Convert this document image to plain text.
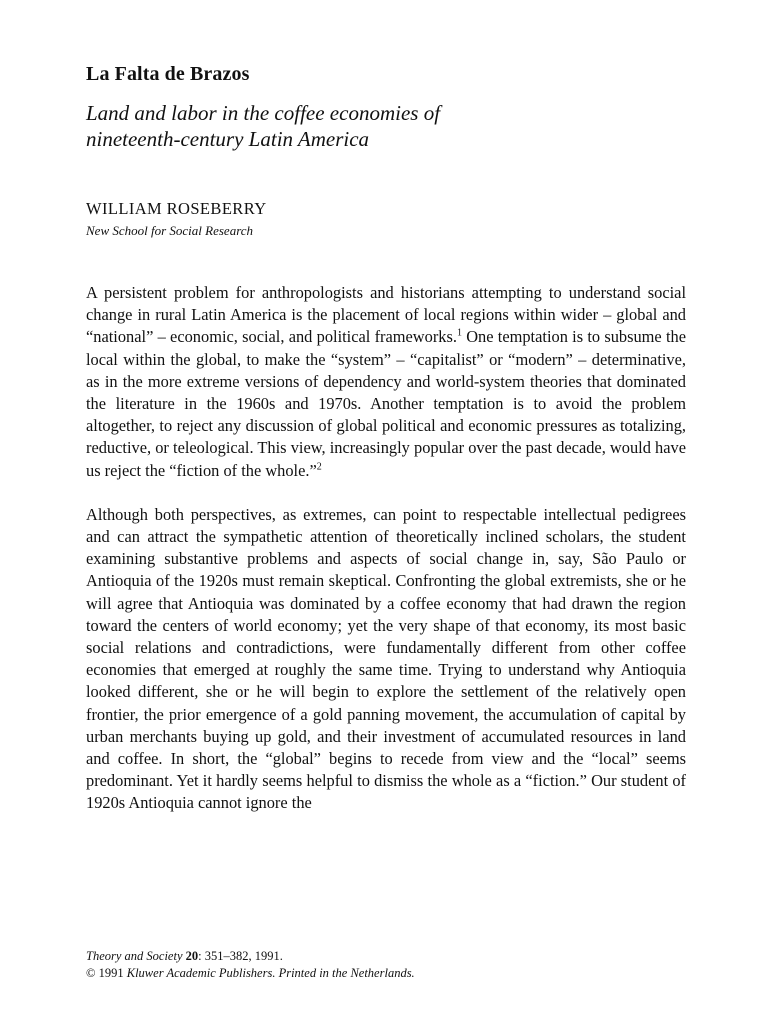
La Falta de Brazos
Land and labor in the coffee economies of
nineteenth-century Latin America
WILLIAM ROSEBERRY
New School for Social Research

A persistent problem for anthropologists and historians attempting to understand social change in rural Latin America is the placement of local regions within wider – global and “national” – economic, social, and political frameworks.$^1$ One temptation is to subsume the local within the global, to make the “system” – “capitalist” or “modern” – determinative, as in the more extreme versions of dependency and world-system theories that dominated the literature in the 1960s and 1970s. Another temptation is to avoid the problem altogether, to reject any discussion of global political and economic pressures as totalizing, reductive, or teleological. This view, increasingly popular over the past decade, would have us reject the “fiction of the whole.”$^2$

Although both perspectives, as extremes, can point to respectable intellectual pedigrees and can attract the sympathetic attention of theoretically inclined scholars, the student examining substantive problems and aspects of social change in, say, São Paulo or Antioquia of the 1920s must remain skeptical. Confronting the global extremists, she or he will agree that Antioquia was dominated by a coffee economy that had drawn the region toward the centers of world economy; yet the very shape of that economy, its most basic social relations and contradictions, were fundamentally different from other coffee economies that emerged at roughly the same time. Trying to understand why Antioquia looked different, she or he will begin to explore the settlement of the relatively open frontier, the prior emergence of a gold panning movement, the accumulation of capital by urban merchants buying up gold, and their investment of accumulated resources in land and coffee. In short, the “global” begins to recede from view and the “local” seems predominant. Yet it hardly seems helpful to dismiss the whole as a “fiction.” Our student of 1920s Antioquia cannot ignore the

Theory and Society 20: 351–382, 1991.
© 1991 Kluwer Academic Publishers. Printed in the Netherlands.
